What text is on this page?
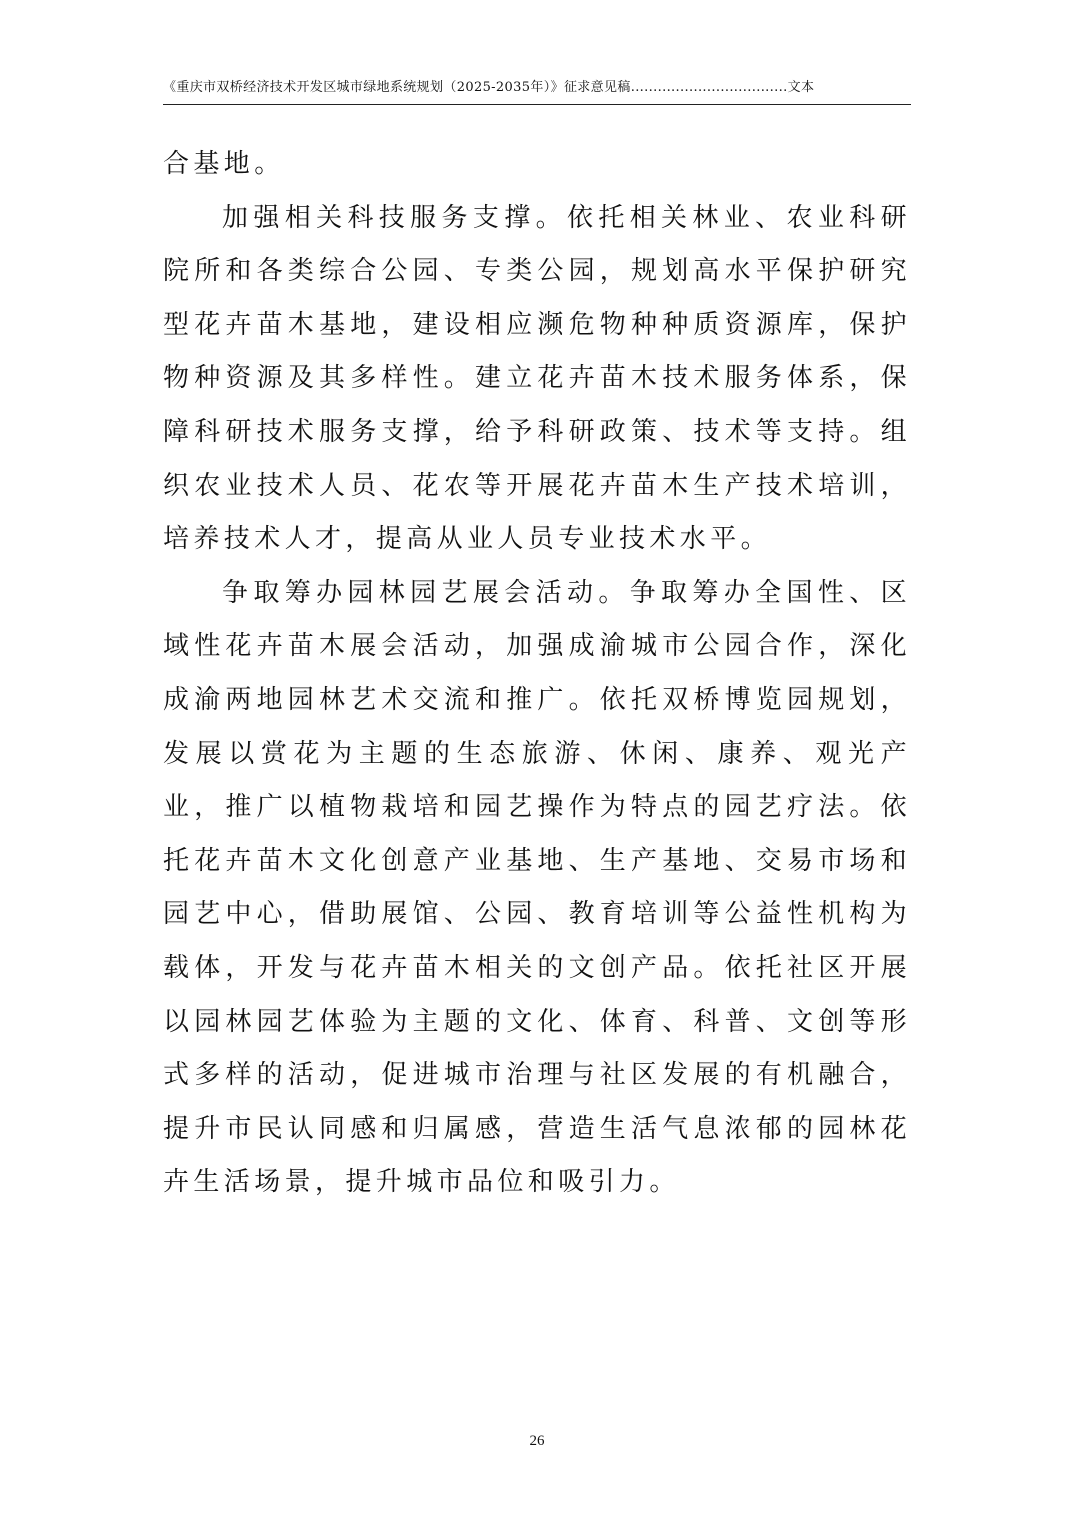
《重庆市双桥经济技术开发区城市绿地系统规划（2025-2035年）》征求意见稿...................................文本

合基地。

加强相关科技服务支撑。依托相关林业、农业科研院所和各类综合公园、专类公园，规划高水平保护研究型花卉苗木基地，建设相应濒危物种种质资源库，保护物种资源及其多样性。建立花卉苗木技术服务体系，保障科研技术服务支撑，给予科研政策、技术等支持。组织农业技术人员、花农等开展花卉苗木生产技术培训，培养技术人才，提高从业人员专业技术水平。

争取筹办园林园艺展会活动。争取筹办全国性、区域性花卉苗木展会活动，加强成渝城市公园合作，深化成渝两地园林艺术交流和推广。依托双桥博览园规划，发展以赏花为主题的生态旅游、休闲、康养、观光产业，推广以植物栽培和园艺操作为特点的园艺疗法。依托花卉苗木文化创意产业基地、生产基地、交易市场和园艺中心，借助展馆、公园、教育培训等公益性机构为载体，开发与花卉苗木相关的文创产品。依托社区开展以园林园艺体验为主题的文化、体育、科普、文创等形式多样的活动，促进城市治理与社区发展的有机融合，提升市民认同感和归属感，营造生活气息浓郁的园林花卉生活场景，提升城市品位和吸引力。

26
